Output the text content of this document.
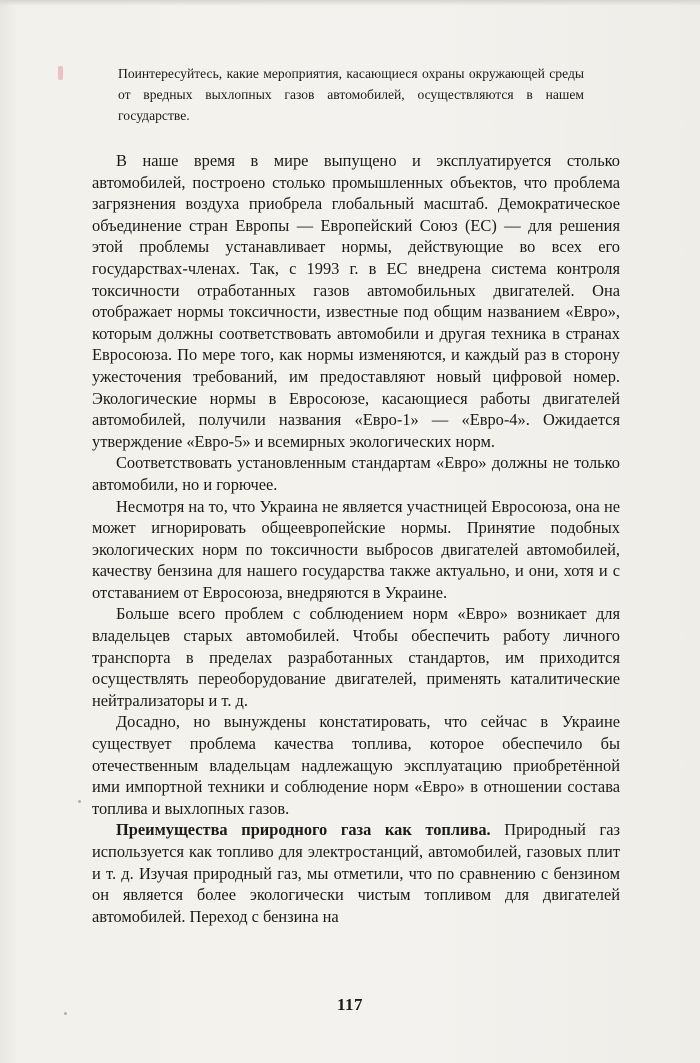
Поинтересуйтесь, какие мероприятия, касающиеся охраны окружающей среды от вредных выхлопных газов автомобилей, осуществляются в нашем государстве.

В наше время в мире выпущено и эксплуатируется столько автомобилей, построено столько промышленных объектов, что проблема загрязнения воздуха приобрела глобальный масштаб. Демократическое объединение стран Европы — Европейский Союз (ЕС) — для решения этой проблемы устанавливает нормы, действующие во всех его государствах-членах. Так, с 1993 г. в ЕС внедрена система контроля токсичности отработанных газов автомобильных двигателей. Она отображает нормы токсичности, известные под общим названием «Евро», которым должны соответствовать автомобили и другая техника в странах Евросоюза. По мере того, как нормы изменяются, и каждый раз в сторону ужесточения требований, им предоставляют новый цифровой номер. Экологические нормы в Евросоюзе, касающиеся работы двигателей автомобилей, получили названия «Евро-1» — «Евро-4». Ожидается утверждение «Евро-5» и всемирных экологических норм.

Соответствовать установленным стандартам «Евро» должны не только автомобили, но и горючее.

Несмотря на то, что Украина не является участницей Евросоюза, она не может игнорировать общеевропейские нормы. Принятие подобных экологических норм по токсичности выбросов двигателей автомобилей, качеству бензина для нашего государства также актуально, и они, хотя и с отставанием от Евросоюза, внедряются в Украине.

Больше всего проблем с соблюдением норм «Евро» возникает для владельцев старых автомобилей. Чтобы обеспечить работу личного транспорта в пределах разработанных стандартов, им приходится осуществлять переоборудование двигателей, применять каталитические нейтрализаторы и т. д.

Досадно, но вынуждены констатировать, что сейчас в Украине существует проблема качества топлива, которое обеспечило бы отечественным владельцам надлежащую эксплуатацию приобретённой ими импортной техники и соблюдение норм «Евро» в отношении состава топлива и выхлопных газов.

Преимущества природного газа как топлива. Природный газ используется как топливо для электростанций, автомобилей, газовых плит и т. д. Изучая природный газ, мы отметили, что по сравнению с бензином он является более экологически чистым топливом для двигателей автомобилей. Переход с бензина на

117
